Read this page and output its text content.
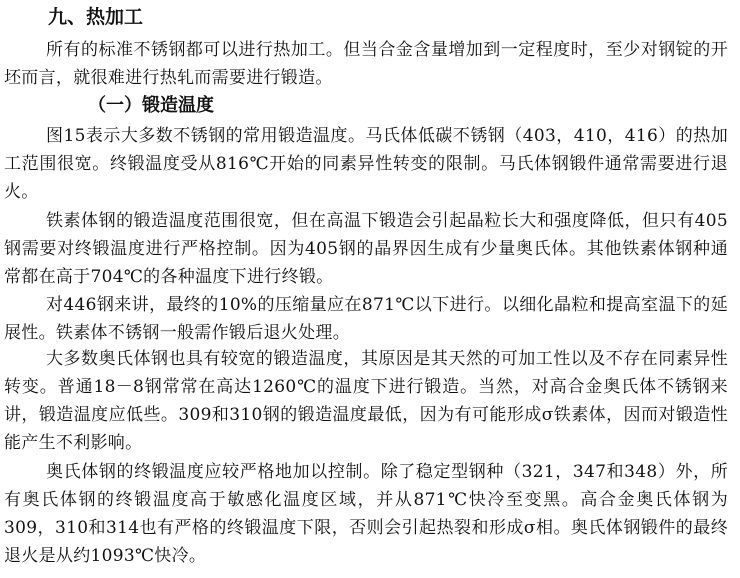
九、热加工

所有的标准不锈钢都可以进行热加工。但当合金含量增加到一定程度时，至少对钢锭的开坯而言，就很难进行热轧而需要进行锻造。

（一）锻造温度

图15表示大多数不锈钢的常用锻造温度。马氏体低碳不锈钢（403，410，416）的热加工范围很宽。终锻温度受从816℃开始的同素异性转变的限制。马氏体钢锻件通常需要进行退火。

铁素体钢的锻造温度范围很宽，但在高温下锻造会引起晶粒长大和强度降低，但只有405钢需要对终锻温度进行严格控制。因为405钢的晶界因生成有少量奥氏体。其他铁素体钢种通常都在高于704℃的各种温度下进行终锻。

对446钢来讲，最终的10%的压缩量应在871℃以下进行。以细化晶粒和提高室温下的延展性。铁素体不锈钢一般需作锻后退火处理。

大多数奥氏体钢也具有较宽的锻造温度，其原因是其天然的可加工性以及不存在同素异性转变。普通18－8钢常常在高达1260℃的温度下进行锻造。当然，对高合金奥氏体不锈钢来讲，锻造温度应低些。309和310钢的锻造温度最低，因为有可能形成σ铁素体，因而对锻造性能产生不利影响。

奥氏体钢的终锻温度应较严格地加以控制。除了稳定型钢种（321，347和348）外，所有奥氏体钢的终锻温度高于敏感化温度区域，并从871℃快冷至变黑。高合金奥氏体钢为309，310和314也有严格的终锻温度下限，否则会引起热裂和形成σ相。奥氏体钢锻件的最终退火是从约1093℃快冷。
